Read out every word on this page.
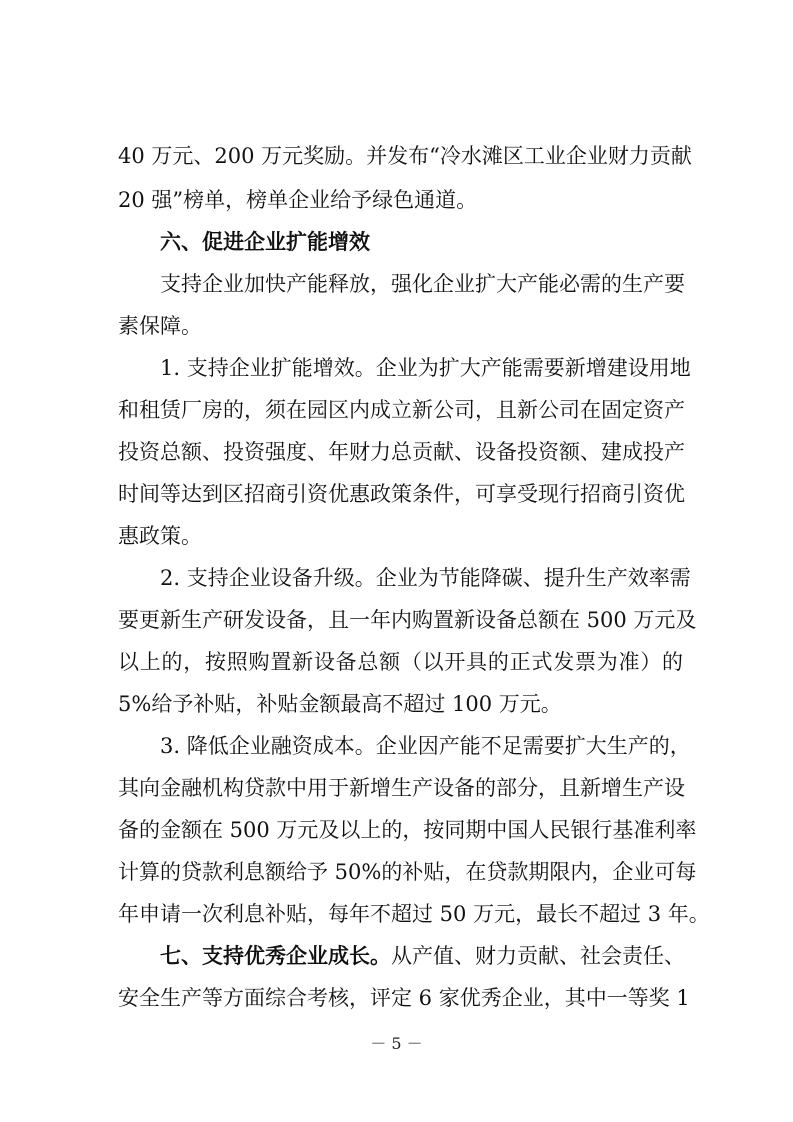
40 万元、200 万元奖励。并发布“冷水滩区工业企业财力贡献
20 强”榜单，榜单企业给予绿色通道。
六、促进企业扩能增效
支持企业加快产能释放，强化企业扩大产能必需的生产要
素保障。
1. 支持企业扩能增效。企业为扩大产能需要新增建设用地
和租赁厂房的，须在园区内成立新公司，且新公司在固定资产
投资总额、投资强度、年财力总贡献、设备投资额、建成投产
时间等达到区招商引资优惠政策条件，可享受现行招商引资优
惠政策。
2. 支持企业设备升级。企业为节能降碳、提升生产效率需
要更新生产研发设备，且一年内购置新设备总额在 500 万元及
以上的，按照购置新设备总额（以开具的正式发票为准）的
5%给予补贴，补贴金额最高不超过 100 万元。
3. 降低企业融资成本。企业因产能不足需要扩大生产的，
其向金融机构贷款中用于新增生产设备的部分，且新增生产设
备的金额在 500 万元及以上的，按同期中国人民银行基准利率
计算的贷款利息额给予 50%的补贴，在贷款期限内，企业可每
年申请一次利息补贴，每年不超过 50 万元，最长不超过 3 年。
七、支持优秀企业成长。从产值、财力贡献、社会责任、
安全生产等方面综合考核，评定 6 家优秀企业，其中一等奖 1
－ 5 －
